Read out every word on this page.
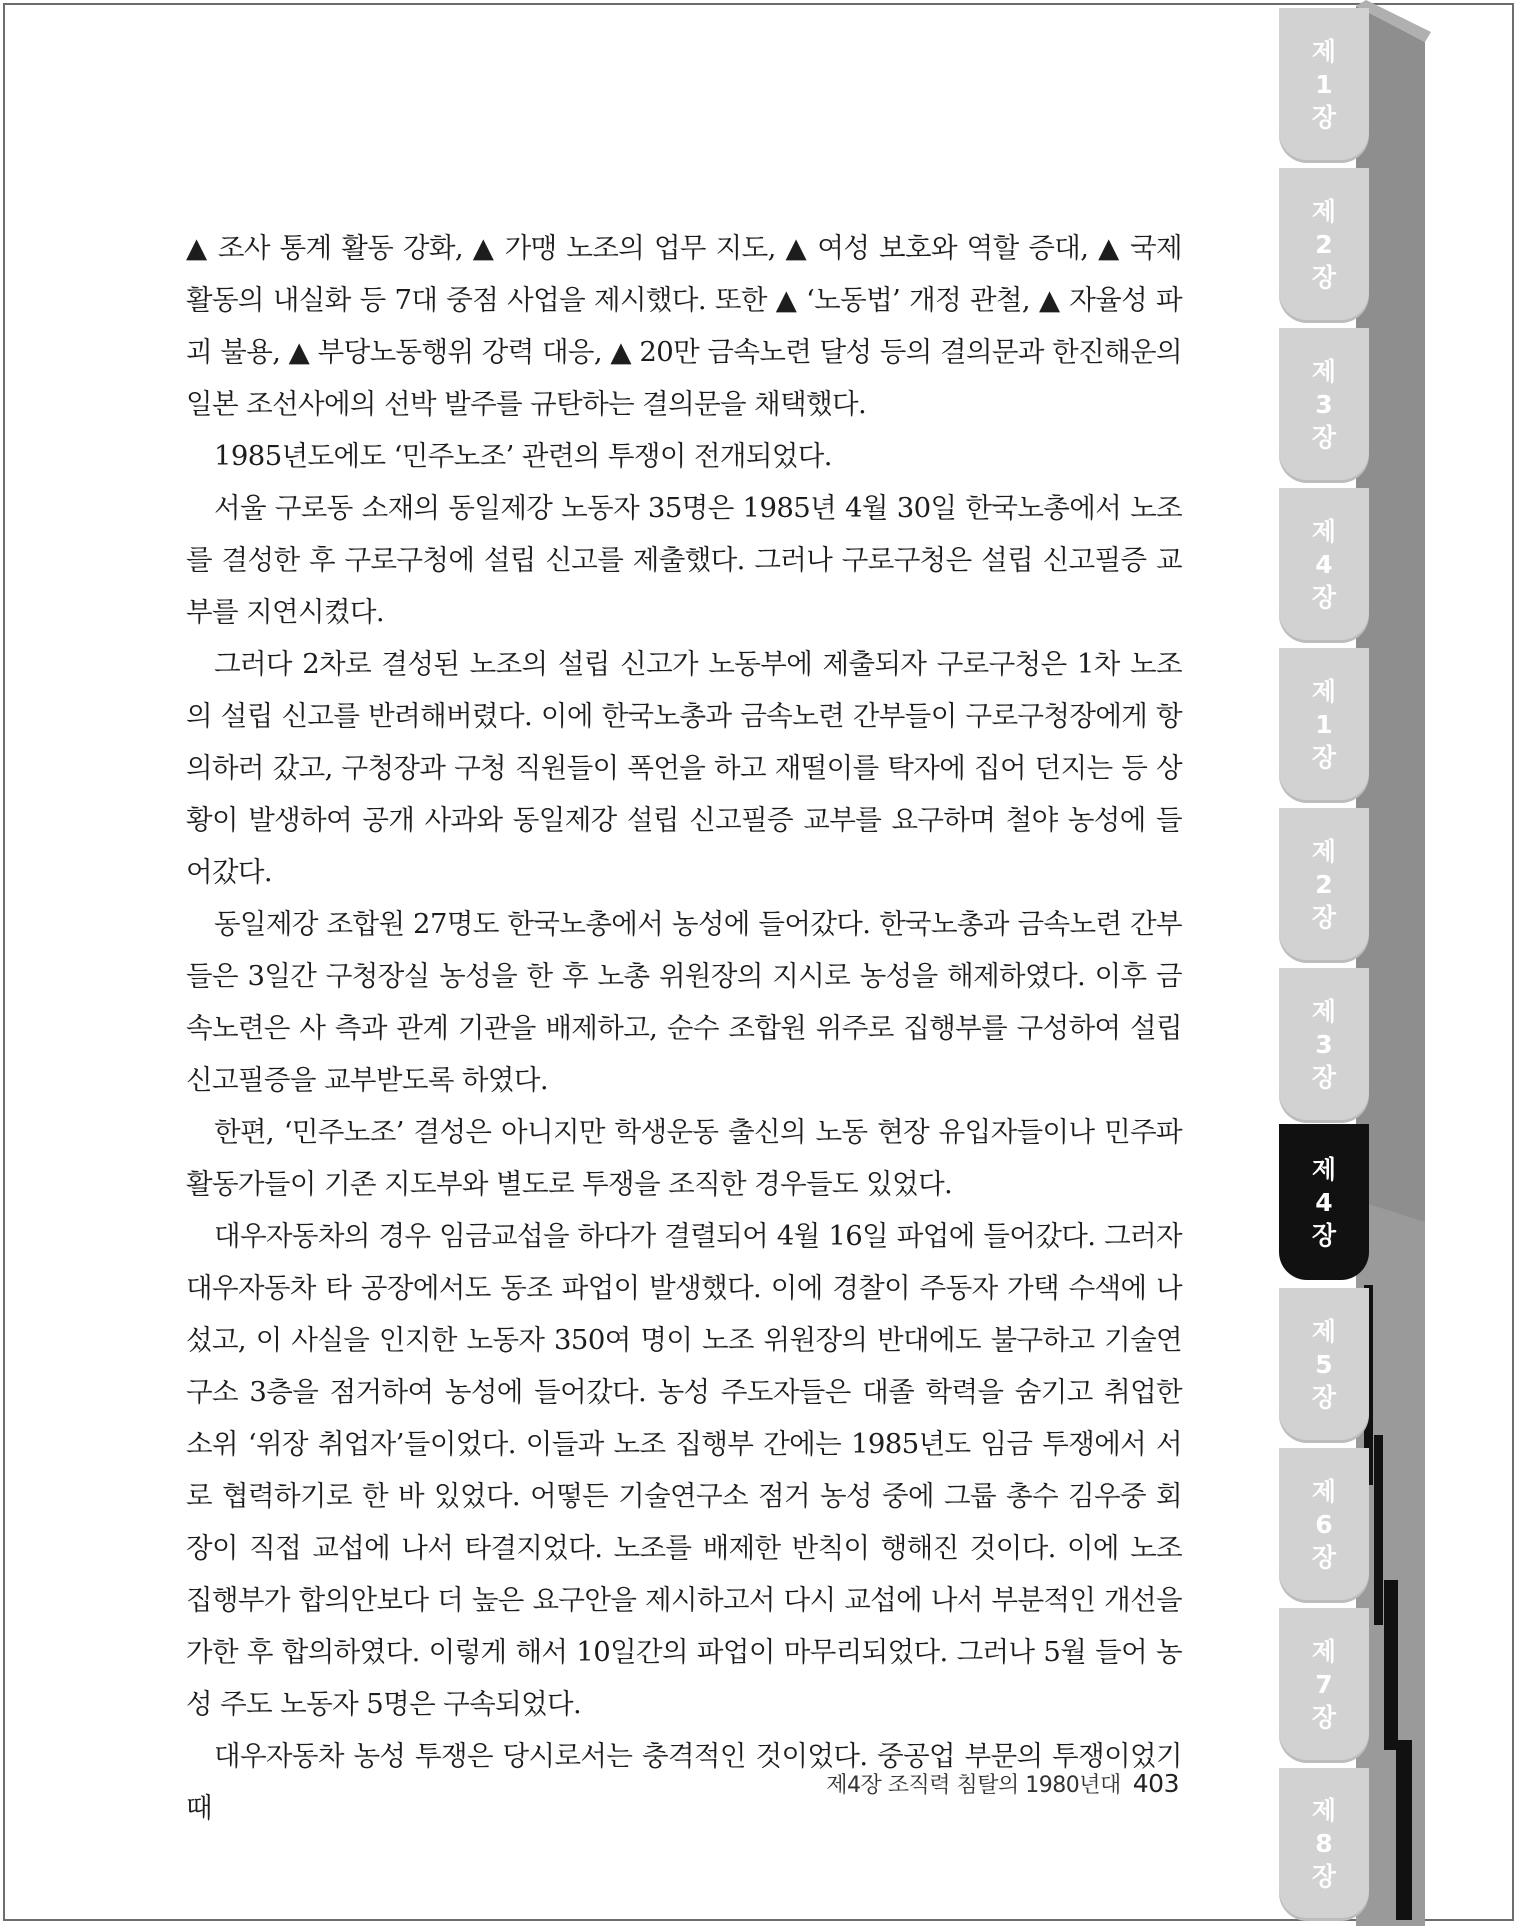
제
1
장
제
2
장
제
3
장
제
4
장
제
1
장
제
2
장
제
3
장
제
4
장
제
5
장
제
6
장
제
7
장
제
8
장

▲ 조사 통계 활동 강화, ▲ 가맹 노조의 업무 지도, ▲ 여성 보호와 역할 증대, ▲ 국제 활동의 내실화 등 7대 중점 사업을 제시했다. 또한 ▲ ‘노동법’ 개정 관철, ▲ 자율성 파괴 불용, ▲ 부당노동행위 강력 대응, ▲ 20만 금속노련 달성 등의 결의문과 한진해운의 일본 조선사에의 선박 발주를 규탄하는 결의문을 채택했다.

1985년도에도 ‘민주노조’ 관련의 투쟁이 전개되었다.

서울 구로동 소재의 동일제강 노동자 35명은 1985년 4월 30일 한국노총에서 노조를 결성한 후 구로구청에 설립 신고를 제출했다. 그러나 구로구청은 설립 신고필증 교부를 지연시켰다.

그러다 2차로 결성된 노조의 설립 신고가 노동부에 제출되자 구로구청은 1차 노조의 설립 신고를 반려해버렸다. 이에 한국노총과 금속노련 간부들이 구로구청장에게 항의하러 갔고, 구청장과 구청 직원들이 폭언을 하고 재떨이를 탁자에 집어 던지는 등 상황이 발생하여 공개 사과와 동일제강 설립 신고필증 교부를 요구하며 철야 농성에 들어갔다.

동일제강 조합원 27명도 한국노총에서 농성에 들어갔다. 한국노총과 금속노련 간부들은 3일간 구청장실 농성을 한 후 노총 위원장의 지시로 농성을 해제하였다. 이후 금속노련은 사 측과 관계 기관을 배제하고, 순수 조합원 위주로 집행부를 구성하여 설립 신고필증을 교부받도록 하였다.

한편, ‘민주노조’ 결성은 아니지만 학생운동 출신의 노동 현장 유입자들이나 민주파 활동가들이 기존 지도부와 별도로 투쟁을 조직한 경우들도 있었다.

대우자동차의 경우 임금교섭을 하다가 결렬되어 4월 16일 파업에 들어갔다. 그러자 대우자동차 타 공장에서도 동조 파업이 발생했다. 이에 경찰이 주동자 가택 수색에 나섰고, 이 사실을 인지한 노동자 350여 명이 노조 위원장의 반대에도 불구하고 기술연구소 3층을 점거하여 농성에 들어갔다. 농성 주도자들은 대졸 학력을 숨기고 취업한 소위 ‘위장 취업자’들이었다. 이들과 노조 집행부 간에는 1985년도 임금 투쟁에서 서로 협력하기로 한 바 있었다. 어떻든 기술연구소 점거 농성 중에 그룹 총수 김우중 회장이 직접 교섭에 나서 타결지었다. 노조를 배제한 반칙이 행해진 것이다. 이에 노조 집행부가 합의안보다 더 높은 요구안을 제시하고서 다시 교섭에 나서 부분적인 개선을 가한 후 합의하였다. 이렇게 해서 10일간의 파업이 마무리되었다. 그러나 5월 들어 농성 주도 노동자 5명은 구속되었다.

대우자동차 농성 투쟁은 당시로서는 충격적인 것이었다. 중공업 부문의 투쟁이었기 때

제4장 조직력 침탈의 1980년대 403
